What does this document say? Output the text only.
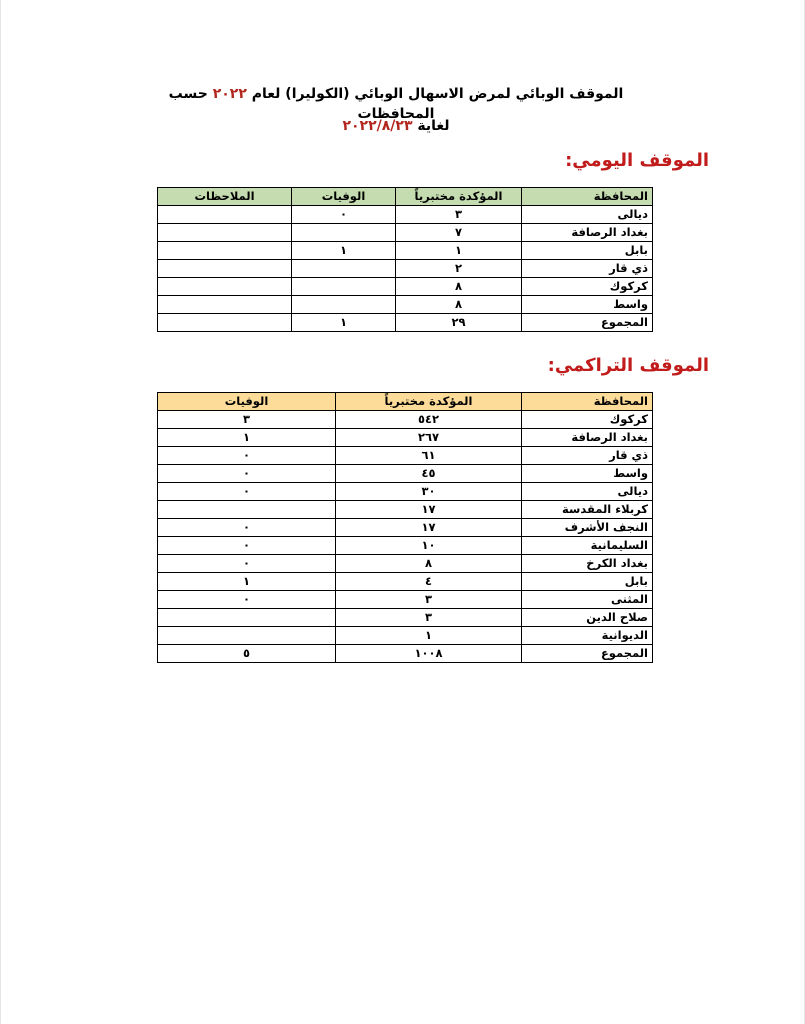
الموقف الوبائي لمرض الاسهال الوبائي (الكوليرا) لعام ٢٠٢٢ حسب المحافظات
لغاية ٢٠٢٢/٨/٢٣
الموقف اليومي:
المحافظة	المؤكدة مختبرياً	الوفيات	الملاحظات
ديالى	٣	٠	
بغداد الرصافة	٧		
بابل	١	١	
ذي قار	٢		
كركوك	٨		
واسط	٨		
المجموع	٢٩	١	
الموقف التراكمي:
المحافظة	المؤكدة مختبرياً	الوفيات
كركوك	٥٤٢	٣
بغداد الرصافة	٢٦٧	١
ذي قار	٦١	٠
واسط	٤٥	٠
ديالى	٣٠	٠
كربلاء المقدسة	١٧	
النجف الأشرف	١٧	٠
السليمانية	١٠	٠
بغداد الكرخ	٨	٠
بابل	٤	١
المثنى	٣	٠
صلاح الدين	٣	
الديوانية	١	
المجموع	١٠٠٨	٥
